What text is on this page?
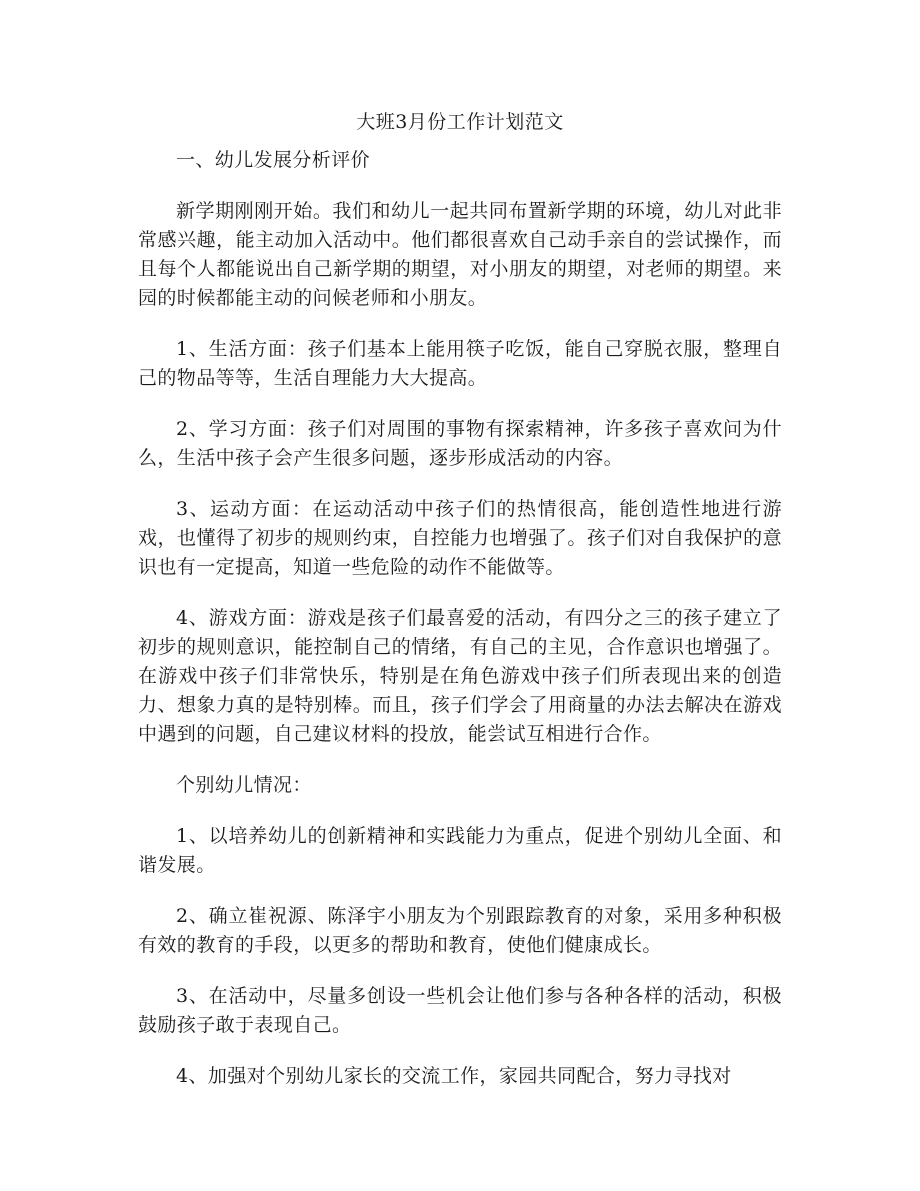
大班3月份工作计划范文

一、幼儿发展分析评价

新学期刚刚开始。我们和幼儿一起共同布置新学期的环境，幼儿对此非常感兴趣，能主动加入活动中。他们都很喜欢自己动手亲自的尝试操作，而且每个人都能说出自己新学期的期望，对小朋友的期望，对老师的期望。来园的时候都能主动的问候老师和小朋友。

1、生活方面：孩子们基本上能用筷子吃饭，能自己穿脱衣服，整理自己的物品等等，生活自理能力大大提高。

2、学习方面：孩子们对周围的事物有探索精神，许多孩子喜欢问为什么，生活中孩子会产生很多问题，逐步形成活动的内容。

3、运动方面：在运动活动中孩子们的热情很高，能创造性地进行游戏，也懂得了初步的规则约束，自控能力也增强了。孩子们对自我保护的意识也有一定提高，知道一些危险的动作不能做等。

4、游戏方面：游戏是孩子们最喜爱的活动，有四分之三的孩子建立了初步的规则意识，能控制自己的情绪，有自己的主见，合作意识也增强了。在游戏中孩子们非常快乐，特别是在角色游戏中孩子们所表现出来的创造力、想象力真的是特别棒。而且，孩子们学会了用商量的办法去解决在游戏中遇到的问题，自己建议材料的投放，能尝试互相进行合作。

个别幼儿情况：

1、以培养幼儿的创新精神和实践能力为重点，促进个别幼儿全面、和谐发展。

2、确立崔祝源、陈泽宇小朋友为个别跟踪教育的对象，采用多种积极有效的教育的手段，以更多的帮助和教育，使他们健康成长。

3、在活动中，尽量多创设一些机会让他们参与各种各样的活动，积极鼓励孩子敢于表现自己。

4、加强对个别幼儿家长的交流工作，家园共同配合，努力寻找对
